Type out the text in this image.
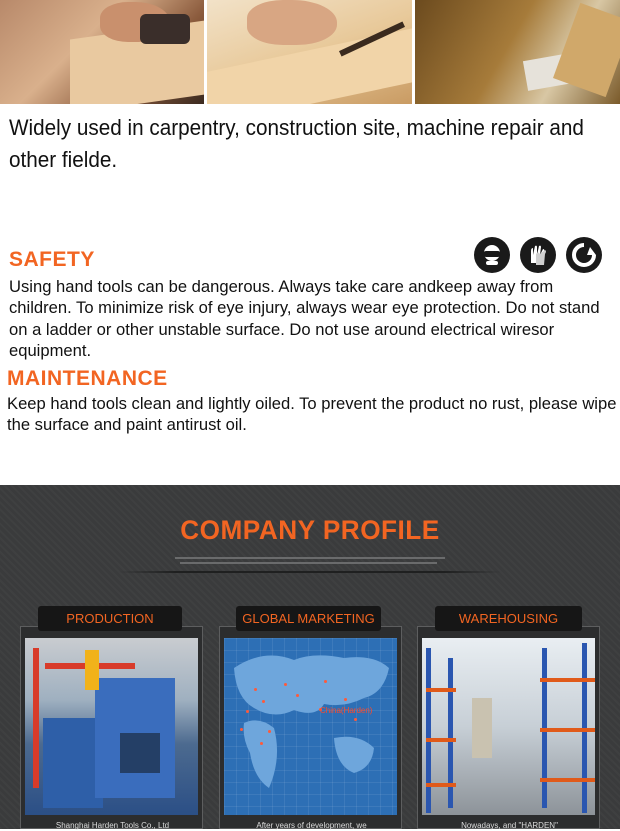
Widely used in carpentry, construction site, machine repair and other fielde.
SAFETY
Using hand tools can be dangerous. Always take care andkeep away from children. To minimize risk of eye injury, always wear eye protection. Do not stand on a ladder or other unstable surface. Do not use around electrical wiresor equipment.
MAINTENANCE
Keep hand tools clean and lightly oiled. To prevent the product no rust, please wipe the surface and paint antirust oil.
COMPANY PROFILE
Shanghai Harden Tools Co., Ltd
PRODUCTION
China(Harden)
After years of development, we
GLOBAL MARKETING
Nowadays, and "HARDEN"
WAREHOUSING
